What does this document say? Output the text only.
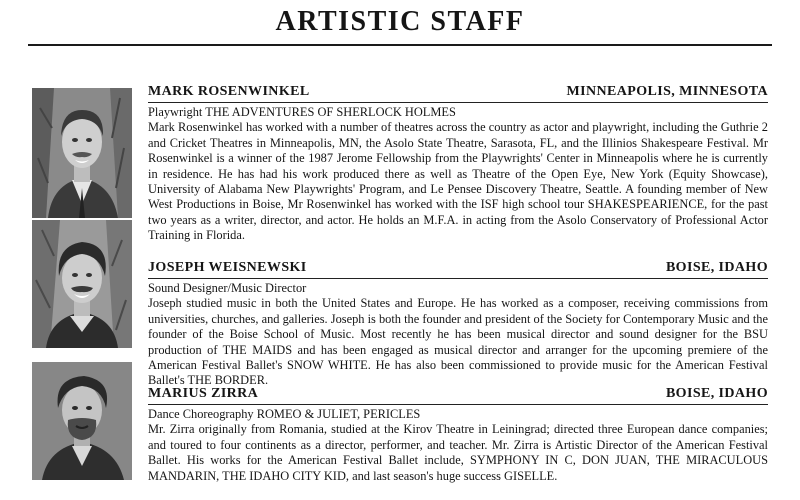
ARTISTIC STAFF
MARK ROSENWINKEL	MINNEAPOLIS, MINNESOTA
Playwright THE ADVENTURES OF SHERLOCK HOLMES

Mark Rosenwinkel has worked with a number of theatres across the country as actor and playwright, including the Guthrie 2 and Cricket Theatres in Minneapolis, MN, the Asolo State Theatre, Sarasota, FL, and the Illinios Shakespeare Festival. Mr Rosenwinkel is a winner of the 1987 Jerome Fellowship from the Playwrights' Center in Minneapolis where he is currently in residence. He has had his work produced there as well as Theatre of the Open Eye, New York (Equity Showcase), University of Alabama New Playwrights' Program, and Le Pensee Discovery Theatre, Seattle. A founding member of New West Productions in Boise, Mr Rosenwinkel has worked with the ISF high school tour SHAKESPEARIENCE, for the past two years as a writer, director, and actor. He holds an M.F.A. in acting from the Asolo Conservatory of Professional Actor Training in Florida.

JOSEPH WEISNEWSKI	BOISE, IDAHO
Sound Designer/Music Director

Joseph studied music in both the United States and Europe. He has worked as a composer, receiving commissions from universities, churches, and galleries. Joseph is both the founder and president of the Society for Contemporary Music and the founder of the Boise School of Music. Most recently he has been musical director and sound designer for the BSU production of THE MAIDS and has been engaged as musical director and arranger for the upcoming premiere of the American Festival Ballet's SNOW WHITE. He has also been commissioned to provide music for the American Festival Ballet's THE BORDER.

MARIUS ZIRRA	BOISE, IDAHO
Dance Choreography ROMEO & JULIET, PERICLES

Mr. Zirra originally from Romania, studied at the Kirov Theatre in Leiningrad; directed three European dance companies; and toured to four continents as a director, performer, and teacher. Mr. Zirra is Artistic Director of the American Festival Ballet. His works for the American Festival Ballet include, SYMPHONY IN C, DON JUAN, THE MIRACULOUS MANDARIN, THE IDAHO CITY KID, and last season's huge success GISELLE.
